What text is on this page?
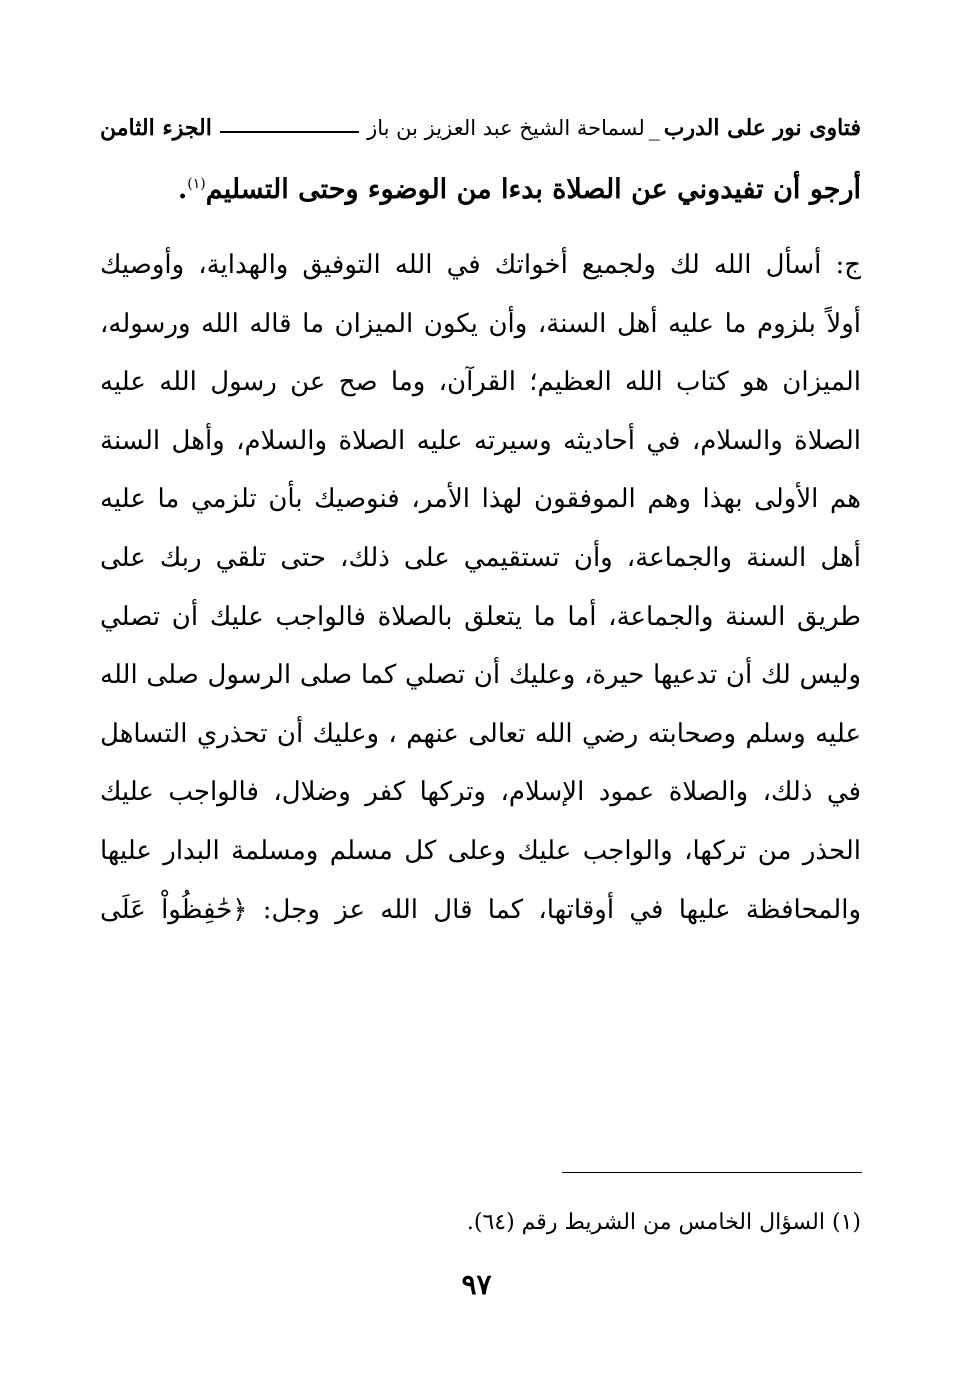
فتاوى نور على الدرب
_
لسماحة الشيخ عبد العزيز بن باز
الجزء الثامن
أرجو أن تفيدوني عن الصلاة بدءا من الوضوء وحتى التسليم$^{(١)}$.
ج: أسأل الله لك ولجميع أخواتك في الله التوفيق والهداية، وأوصيك
أولاً بلزوم ما عليه أهل السنة، وأن يكون الميزان ما قاله الله ورسوله،
الميزان هو كتاب الله العظيم؛ القرآن، وما صح عن رسول الله عليه
الصلاة والسلام، في أحاديثه وسيرته عليه الصلاة والسلام، وأهل السنة
هم الأولى بهذا وهم الموفقون لهذا الأمر، فنوصيك بأن تلزمي ما عليه
أهل السنة والجماعة، وأن تستقيمي على ذلك، حتى تلقي ربك على
طريق السنة والجماعة، أما ما يتعلق بالصلاة فالواجب عليك أن تصلي
وليس لك أن تدعيها حيرة، وعليك أن تصلي كما صلى الرسول صلى الله
عليه وسلم وصحابته رضي الله تعالى عنهم ، وعليك أن تحذري التساهل
في ذلك، والصلاة عمود الإسلام، وتركها كفر وضلال، فالواجب عليك
الحذر من تركها، والواجب عليك وعلى كل مسلم ومسلمة البدار عليها
والمحافظة عليها في أوقاتها، كما قال الله عز وجل: ﴿حَٰفِظُواْ عَلَى
(١) السؤال الخامس من الشريط رقم (٦٤).
٩٧
